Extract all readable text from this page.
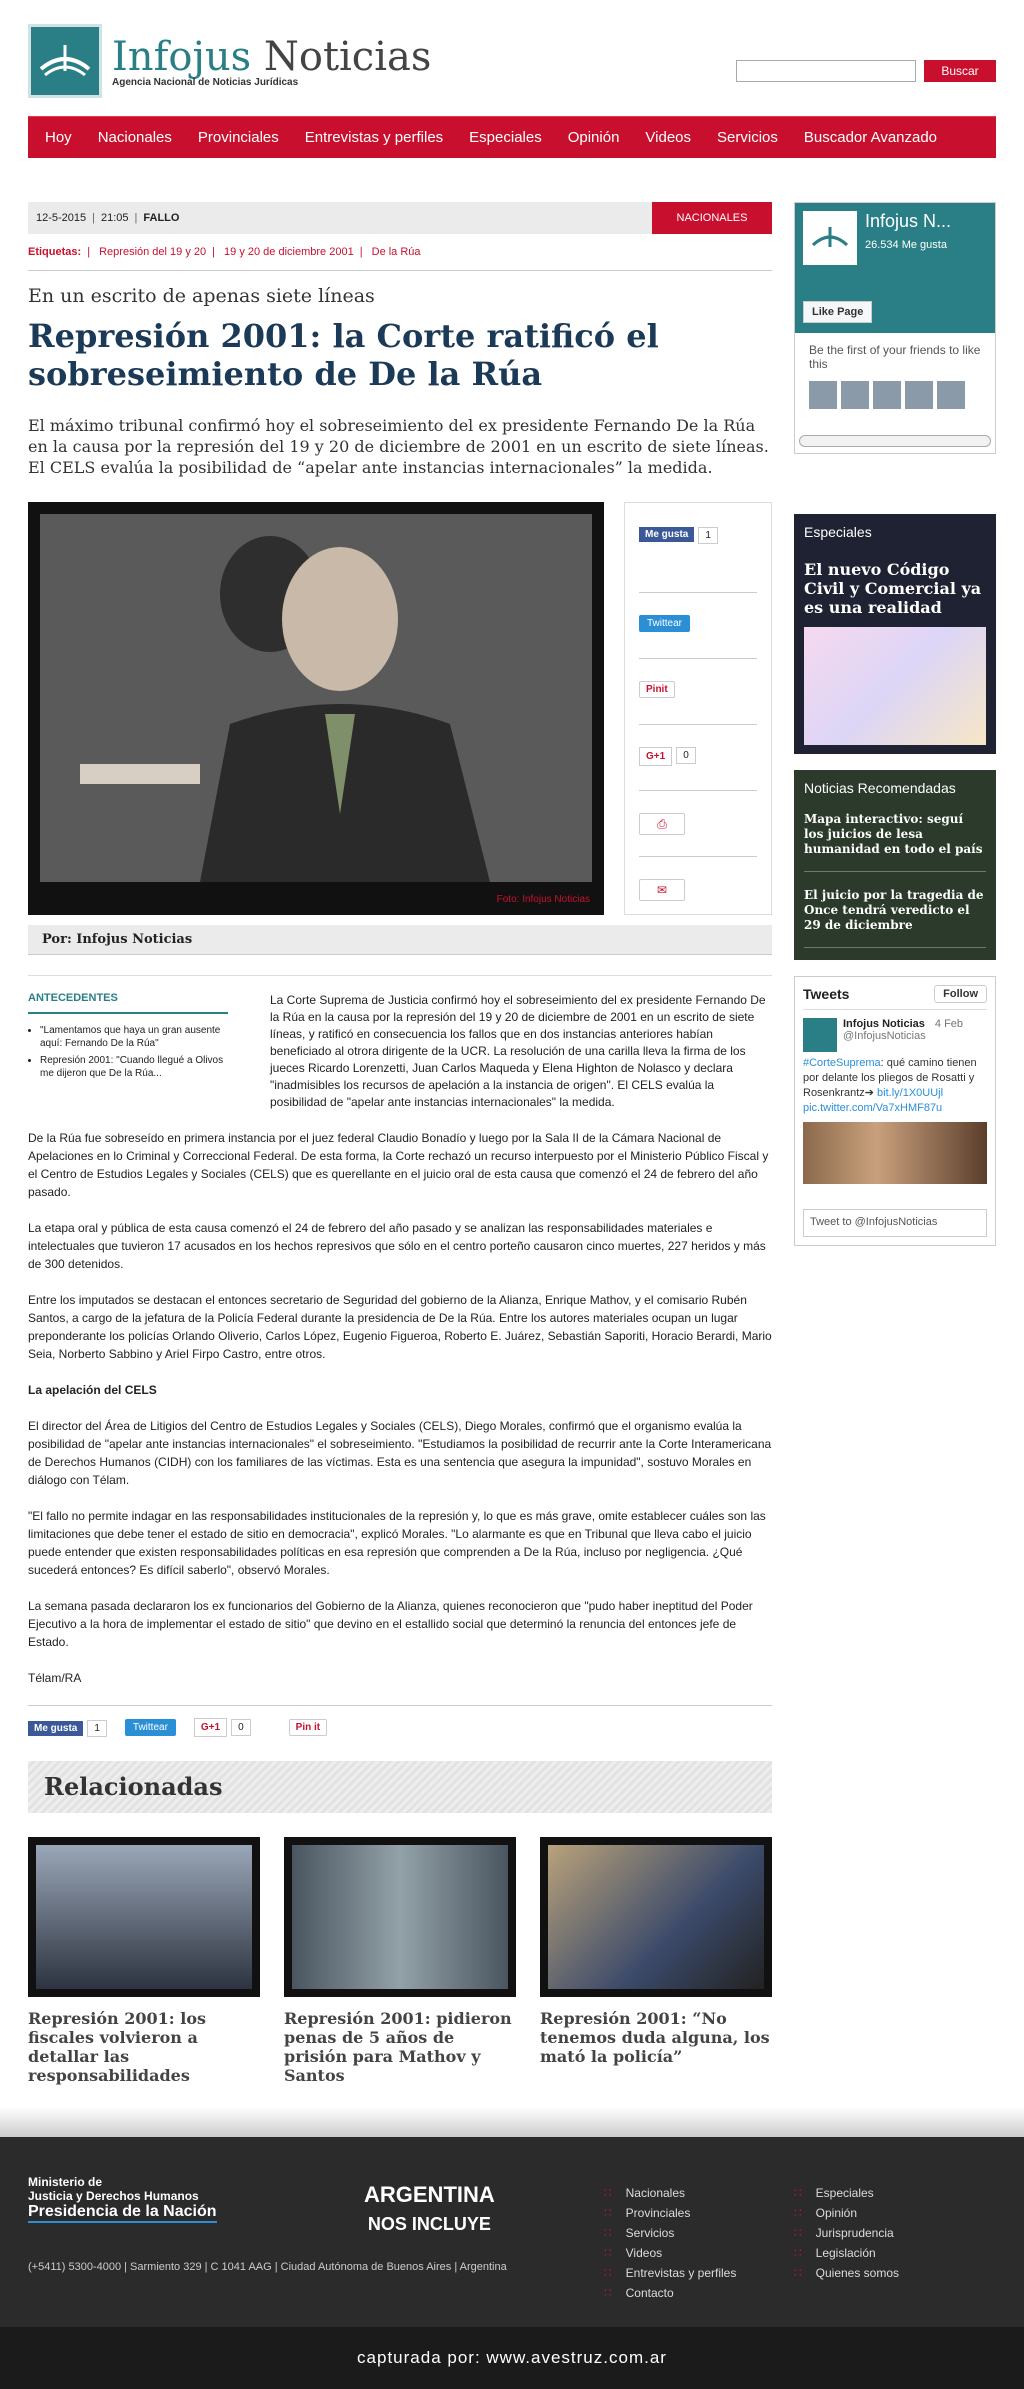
Infojus Noticias
Agencia Nacional de Noticias Jurídicas
Buscar
Hoy	Nacionales	Provinciales	Entrevistas y perfiles	Especiales	Opinión	Videos	Servicios	Buscador Avanzado
12-5-2015 | 21:05 | FALLO	NACIONALES
Etiquetas: | Represión del 19 y 20 | 19 y 20 de diciembre 2001 | De la Rúa
En un escrito de apenas siete líneas
Represión 2001: la Corte ratificó el sobreseimiento de De la Rúa

El máximo tribunal confirmó hoy el sobreseimiento del ex presidente Fernando De la Rúa en la causa por la represión del 19 y 20 de diciembre de 2001 en un escrito de siete líneas. El CELS evalúa la posibilidad de “apelar ante instancias internacionales” la medida.

Foto: Infojus Noticias
Me gusta	1
Twittear
Pinit
G+1	0
⎙
✉
Por: Infojus Noticias
ANTECEDENTES
• "Lamentamos que haya un gran ausente aquí: Fernando De la Rúa"
• Represión 2001: "Cuando llegué a Olivos me dijeron que De la Rúa...
La Corte Suprema de Justicia confirmó hoy el sobreseimiento del ex presidente Fernando De la Rúa en la causa por la represión del 19 y 20 de diciembre de 2001 en un escrito de siete líneas, y ratificó en consecuencia los fallos que en dos instancias anteriores habían beneficiado al otrora dirigente de la UCR. La resolución de una carilla lleva la firma de los jueces Ricardo Lorenzetti, Juan Carlos Maqueda y Elena Highton de Nolasco y declara "inadmisibles los recursos de apelación a la instancia de origen". El CELS evalúa la posibilidad de "apelar ante instancias internacionales" la medida.

De la Rúa fue sobreseído en primera instancia por el juez federal Claudio Bonadío y luego por la Sala II de la Cámara Nacional de Apelaciones en lo Criminal y Correccional Federal. De esta forma, la Corte rechazó un recurso interpuesto por el Ministerio Público Fiscal y el Centro de Estudios Legales y Sociales (CELS) que es querellante en el juicio oral de esta causa que comenzó el 24 de febrero del año pasado.

La etapa oral y pública de esta causa comenzó el 24 de febrero del año pasado y se analizan las responsabilidades materiales e intelectuales que tuvieron 17 acusados en los hechos represivos que sólo en el centro porteño causaron cinco muertes, 227 heridos y más de 300 detenidos.

Entre los imputados se destacan el entonces secretario de Seguridad del gobierno de la Alianza, Enrique Mathov, y el comisario Rubén Santos, a cargo de la jefatura de la Policía Federal durante la presidencia de De la Rúa. Entre los autores materiales ocupan un lugar preponderante los policías Orlando Oliverio, Carlos López, Eugenio Figueroa, Roberto E. Juárez, Sebastián Saporiti, Horacio Berardi, Mario Seia, Norberto Sabbino y Ariel Firpo Castro, entre otros.

La apelación del CELS

El director del Área de Litigios del Centro de Estudios Legales y Sociales (CELS), Diego Morales, confirmó que el organismo evalúa la posibilidad de "apelar ante instancias internacionales" el sobreseimiento. "Estudiamos la posibilidad de recurrir ante la Corte Interamericana de Derechos Humanos (CIDH) con los familiares de las víctimas. Esta es una sentencia que asegura la impunidad", sostuvo Morales en diálogo con Télam.

"El fallo no permite indagar en las responsabilidades institucionales de la represión y, lo que es más grave, omite establecer cuáles son las limitaciones que debe tener el estado de sitio en democracia", explicó Morales. "Lo alarmante es que en Tribunal que lleva cabo el juicio puede entender que existen responsabilidades políticas en esa represión que comprenden a De la Rúa, incluso por negligencia. ¿Qué sucederá entonces? Es difícil saberlo", observó Morales.

La semana pasada declararon los ex funcionarios del Gobierno de la Alianza, quienes reconocieron que "pudo haber ineptitud del Poder Ejecutivo a la hora de implementar el estado de sitio" que devino en el estallido social que determinó la renuncia del entonces jefe de Estado.

Télam/RA

Me gusta 1	Twittear	G+1 0	Pin it
Relacionadas
Represión 2001: los fiscales volvieron a detallar las responsabilidades
Represión 2001: pidieron penas de 5 años de prisión para Mathov y Santos
Represión 2001: “No tenemos duda alguna, los mató la policía”
Infojus N...
26.534 Me gusta
Like Page
Be the first of your friends to like this
Especiales
El nuevo Código Civil y Comercial ya es una realidad
Noticias Recomendadas
Mapa interactivo: seguí los juicios de lesa humanidad en todo el país
El juicio por la tragedia de Once tendrá veredicto el 29 de diciembre
Tweets	Follow
Infojus Noticias 4 Feb

@InfojusNoticias
#CorteSuprema: qué camino tienen por delante los pliegos de Rosatti y Rosenkrantz➔ bit.ly/1X0UUjl pic.twitter.com/Va7xHMF87u
Tweet to @InfojusNoticias
Ministerio de
Justicia y Derechos Humanos
Presidencia de la Nación
ARGENTINA
NOS INCLUYE
(+5411) 5300-4000 | Sarmiento 329 | C 1041 AAG | Ciudad Autónoma de Buenos Aires | Argentina
∷ Nacionales
∷ Provinciales
∷ Servicios
∷ Videos
∷ Entrevistas y perfiles
∷ Contacto
∷ Especiales
∷ Opinión
∷ Jurisprudencia
∷ Legislación
∷ Quienes somos
capturada por: www.avestruz.com.ar
